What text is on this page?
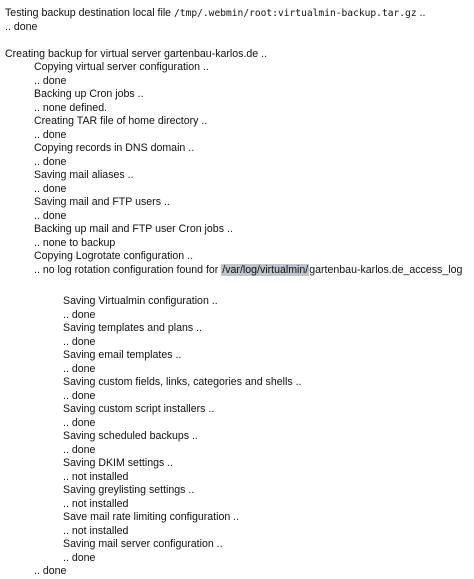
Testing backup destination local file /tmp/.webmin/root:virtualmin-backup.tar.gz ..
.. done
Creating backup for virtual server gartenbau-karlos.de ..
Copying virtual server configuration ..
.. done
Backing up Cron jobs ..
.. none defined.
Creating TAR file of home directory ..
.. done
Copying records in DNS domain ..
.. done
Saving mail aliases ..
.. done
Saving mail and FTP users ..
.. done
Backing up mail and FTP user Cron jobs ..
.. none to backup
Copying Logrotate configuration ..
.. no log rotation configuration found for /var/log/virtualmin/gartenbau-karlos.de_access_log
Saving Virtualmin configuration ..
.. done
Saving templates and plans ..
.. done
Saving email templates ..
.. done
Saving custom fields, links, categories and shells ..
.. done
Saving custom script installers ..
.. done
Saving scheduled backups ..
.. done
Saving DKIM settings ..
.. not installed
Saving greylisting settings ..
.. not installed
Save mail rate limiting configuration ..
.. not installed
Saving mail server configuration ..
.. done
.. done
